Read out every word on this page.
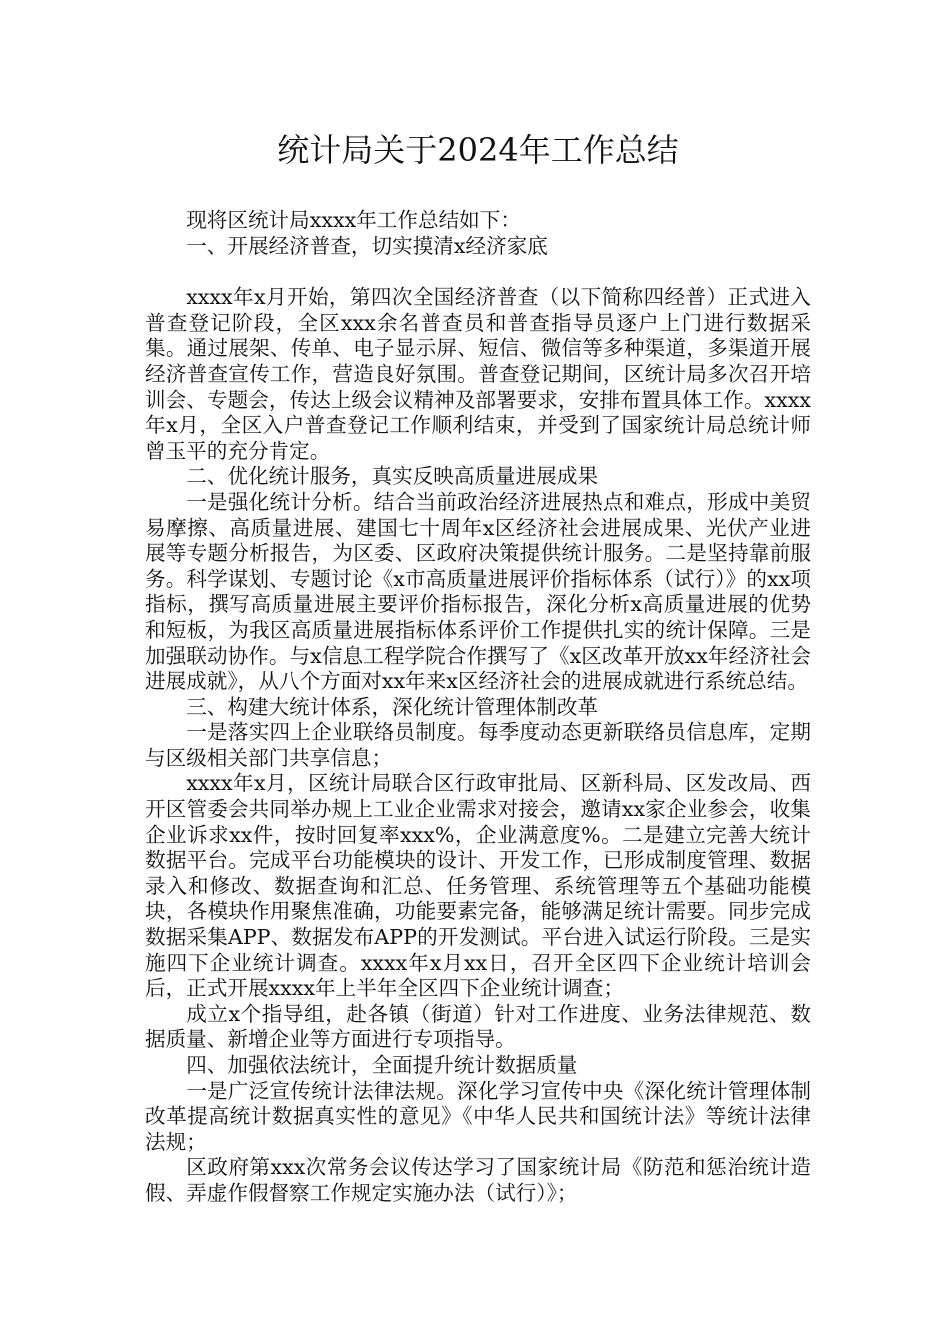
统计局关于2024年工作总结

现将区统计局xxxx年工作总结如下：

一、开展经济普查，切实摸清x经济家底

xxxx年x月开始，第四次全国经济普查（以下简称四经普）正式进入普查登记阶段，全区xxx余名普查员和普查指导员逐户上门进行数据采集。通过展架、传单、电子显示屏、短信、微信等多种渠道，多渠道开展经济普查宣传工作，营造良好氛围。普查登记期间，区统计局多次召开培训会、专题会，传达上级会议精神及部署要求，安排布置具体工作。xxxx年x月，全区入户普查登记工作顺利结束，并受到了国家统计局总统计师曾玉平的充分肯定。

二、优化统计服务，真实反映高质量进展成果

一是强化统计分析。结合当前政治经济进展热点和难点，形成中美贸易摩擦、高质量进展、建国七十周年x区经济社会进展成果、光伏产业进展等专题分析报告，为区委、区政府决策提供统计服务。二是坚持靠前服务。科学谋划、专题讨论《x市高质量进展评价指标体系（试行）》的xx项指标，撰写高质量进展主要评价指标报告，深化分析x高质量进展的优势和短板，为我区高质量进展指标体系评价工作提供扎实的统计保障。三是加强联动协作。与x信息工程学院合作撰写了《x区改革开放xx年经济社会进展成就》，从八个方面对xx年来x区经济社会的进展成就进行系统总结。

三、构建大统计体系，深化统计管理体制改革

一是落实四上企业联络员制度。每季度动态更新联络员信息库，定期与区级相关部门共享信息；

xxxx年x月，区统计局联合区行政审批局、区新科局、区发改局、西开区管委会共同举办规上工业企业需求对接会，邀请xx家企业参会，收集企业诉求xx件，按时回复率xxx%，企业满意度%。二是建立完善大统计数据平台。完成平台功能模块的设计、开发工作，已形成制度管理、数据录入和修改、数据查询和汇总、任务管理、系统管理等五个基础功能模块，各模块作用聚焦准确，功能要素完备，能够满足统计需要。同步完成数据采集APP、数据发布APP的开发测试。平台进入试运行阶段。三是实施四下企业统计调查。xxxx年x月xx日，召开全区四下企业统计培训会后，正式开展xxxx年上半年全区四下企业统计调查；

成立x个指导组，赴各镇（街道）针对工作进度、业务法律规范、数据质量、新增企业等方面进行专项指导。

四、加强依法统计，全面提升统计数据质量

一是广泛宣传统计法律法规。深化学习宣传中央《深化统计管理体制改革提高统计数据真实性的意见》《中华人民共和国统计法》等统计法律法规；

区政府第xxx次常务会议传达学习了国家统计局《防范和惩治统计造假、弄虚作假督察工作规定实施办法（试行）》；
